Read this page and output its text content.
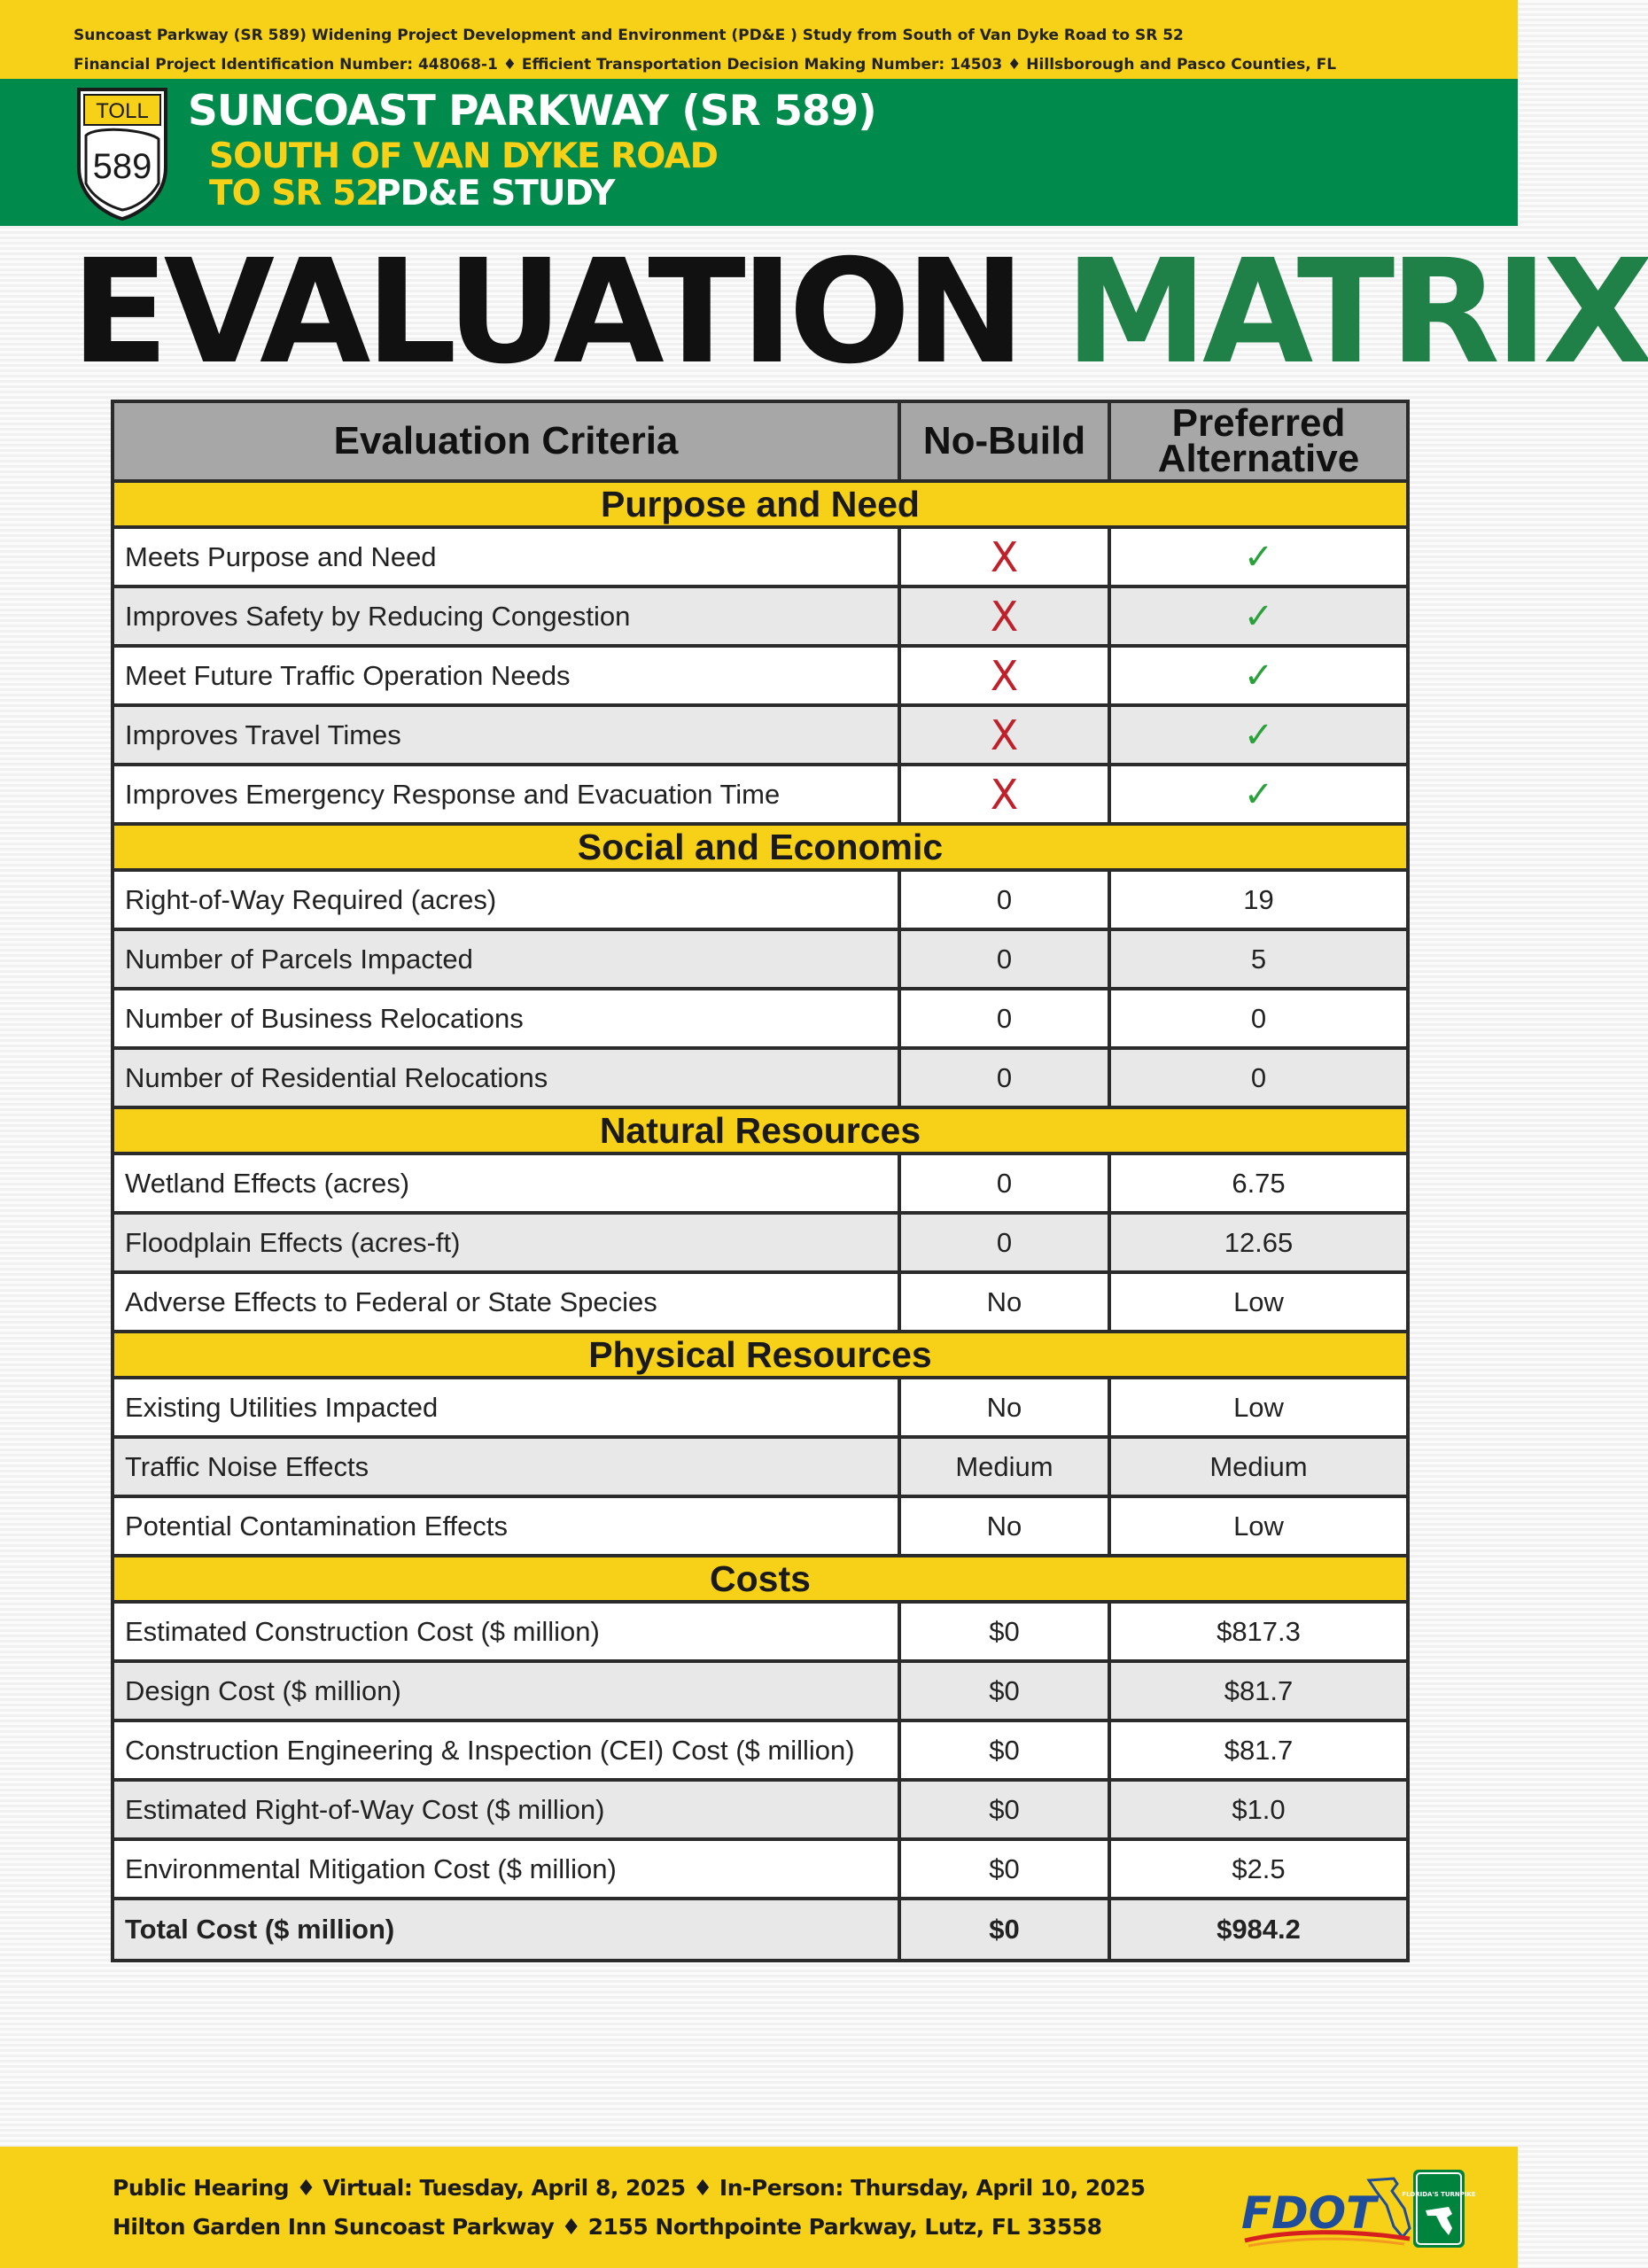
Suncoast Parkway (SR 589) Widening Project Development and Environment (PD&E ) Study from South of Van Dyke Road to SR 52
Financial Project Identification Number: 448068-1 ♦ Efficient Transportation Decision Making Number: 14503 ♦ Hillsborough and Pasco Counties, FL
TOLL
589
SUNCOAST PARKWAY (SR 589)
SOUTH OF VAN DYKE ROAD
TO SR 52
PD&E STUDY
EVALUATION MATRIX
Evaluation Criteria	No-Build	Preferred Alternative
Purpose and Need		
Meets Purpose and Need	X	✓
Improves Safety by Reducing Congestion	X	✓
Meet Future Traffic Operation Needs	X	✓
Improves Travel Times	X	✓
Improves Emergency Response and Evacuation Time	X	✓
Social and Economic		
Right-of-Way Required (acres)	0	19
Number of Parcels Impacted	0	5
Number of Business Relocations	0	0
Number of Residential Relocations	0	0
Natural Resources		
Wetland Effects (acres)	0	6.75
Floodplain Effects (acres-ft)	0	12.65
Adverse Effects to Federal or State Species	No	Low
Physical Resources		
Existing Utilities Impacted	No	Low
Traffic Noise Effects	Medium	Medium
Potential Contamination Effects	No	Low
Costs		
Estimated Construction Cost ($ million)	$0	$817.3
Design Cost ($ million)	$0	$81.7
Construction Engineering & Inspection (CEI) Cost ($ million)	$0	$81.7
Estimated Right-of-Way Cost ($ million)	$0	$1.0
Environmental Mitigation Cost ($ million)	$0	$2.5
Total Cost ($ million)	$0	$984.2
Public Hearing ♦ Virtual: Tuesday, April 8, 2025 ♦ In-Person: Thursday, April 10, 2025
Hilton Garden Inn Suncoast Parkway ♦ 2155 Northpointe Parkway, Lutz, FL 33558	FDOT	FLORIDA'S TURNPIKE
